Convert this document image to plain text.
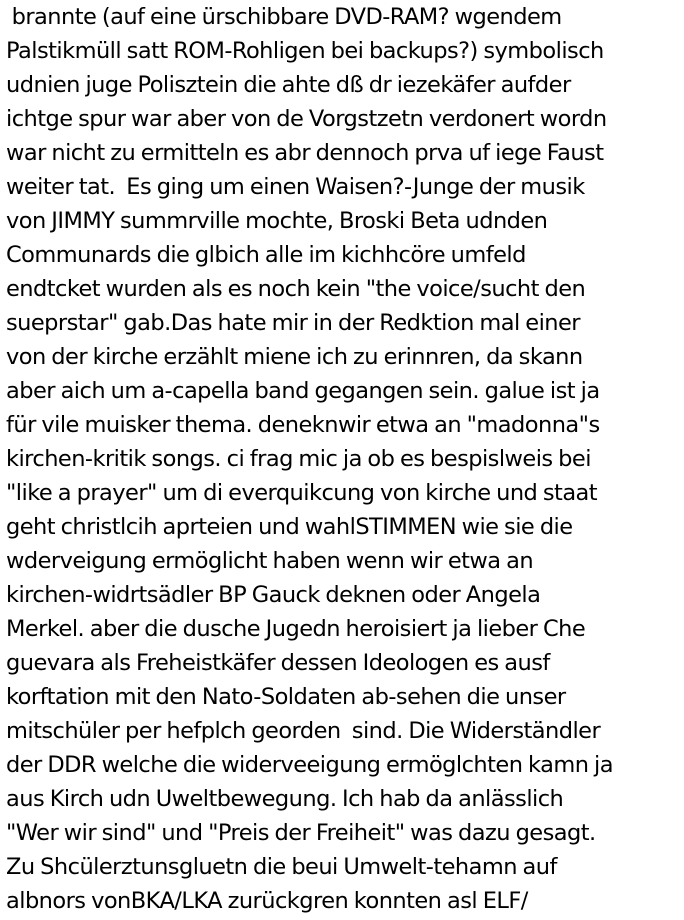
brannte (auf eine ürschibbare DVD-RAM? wgendem
Palstikmüll satt ROM-Rohligen bei backups?) symbolisch
udnien juge Polisztein die ahte dß dr iezekäfer aufder
ichtge spur war aber von de Vorgstzetn verdonert wordn
war nicht zu ermitteln es abr dennoch prva uf iege Faust
weiter tat.  Es ging um einen Waisen?-Junge der musik
von JIMMY summrville mochte, Broski Beta udnden
Communards die glbich alle im kichhcöre umfeld
endtcket wurden als es noch kein "the voice/sucht den
sueprstar" gab.Das hate mir in der Redktion mal einer
von der kirche erzählt miene ich zu erinnren, da skann
aber aich um a-capella band gegangen sein. galue ist ja
für vile muisker thema. deneknwir etwa an "madonna"s
kirchen-kritik songs. ci frag mic ja ob es bespislweis bei
"like a prayer" um di everquikcung von kirche und staat
geht christlcih aprteien und wahlSTIMMEN wie sie die
wderveigung ermöglicht haben wenn wir etwa an
kirchen-widrtsädler BP Gauck deknen oder Angela
Merkel. aber die dusche Jugedn heroisiert ja lieber Che
guevara als Freheistkäfer dessen Ideologen es ausf
korftation mit den Nato-Soldaten ab-sehen die unser
mitschüler per hefplch georden  sind. Die Widerständler
der DDR welche die widerveeigung ermöglchten kamn ja
aus Kirch udn Uweltbewegung. Ich hab da anlässlich
"Wer wir sind" und "Preis der Freiheit" was dazu gesagt.
Zu Shcülerztunsgluetn die beui Umwelt-tehamn auf
albnors vonBKA/LKA zurückgren konnten asl ELF/
